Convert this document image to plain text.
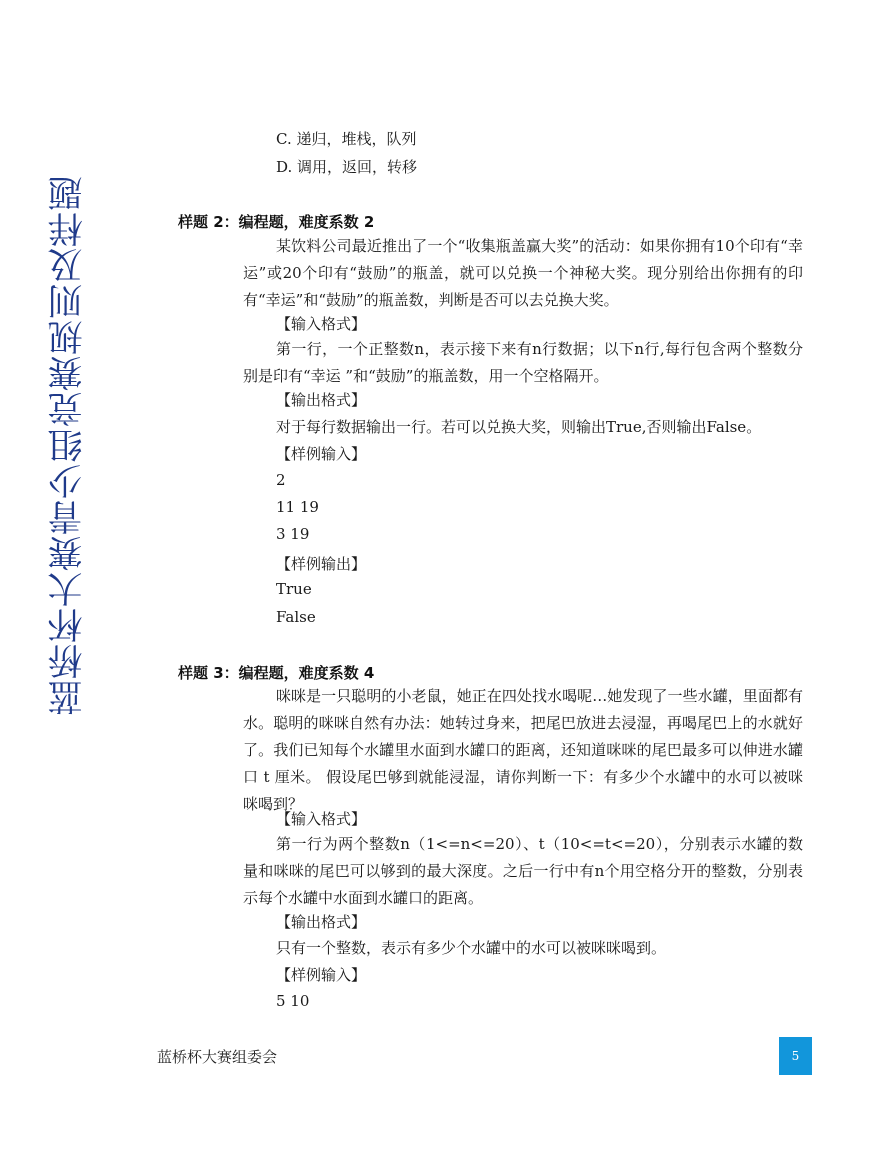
蓝桥杯大赛青少组竞赛规则及样题
C. 递归，堆栈，队列
D. 调用，返回，转移
样题 2：编程题，难度系数 2
某饮料公司最近推出了一个“收集瓶盖赢大奖”的活动：如果你拥有10个印有“幸运”或20个印有“鼓励”的瓶盖，就可以兑换一个神秘大奖。现分别给出你拥有的印有“幸运”和“鼓励”的瓶盖数，判断是否可以去兑换大奖。
【输入格式】
第一行，一个正整数n，表示接下来有n行数据；以下n行,每行包含两个整数分别是印有“幸运 ”和“鼓励”的瓶盖数，用一个空格隔开。
【输出格式】
对于每行数据输出一行。若可以兑换大奖，则输出True,否则输出False。
【样例输入】
2
11 19
3 19
【样例输出】
True
False
样题 3：编程题，难度系数 4
咪咪是一只聪明的小老鼠，她正在四处找水喝呢…她发现了一些水罐，里面都有水。聪明的咪咪自然有办法：她转过身来，把尾巴放进去浸湿，再喝尾巴上的水就好了。我们已知每个水罐里水面到水罐口的距离，还知道咪咪的尾巴最多可以伸进水罐口 t 厘米。 假设尾巴够到就能浸湿，请你判断一下：有多少个水罐中的水可以被咪咪喝到？
【输入格式】
第一行为两个整数n（1<=n<=20）、t（10<=t<=20），分别表示水罐的数量和咪咪的尾巴可以够到的最大深度。之后一行中有n个用空格分开的整数，分别表示每个水罐中水面到水罐口的距离。
【输出格式】
只有一个整数，表示有多少个水罐中的水可以被咪咪喝到。
【样例输入】
5 10
蓝桥杯大赛组委会	5
